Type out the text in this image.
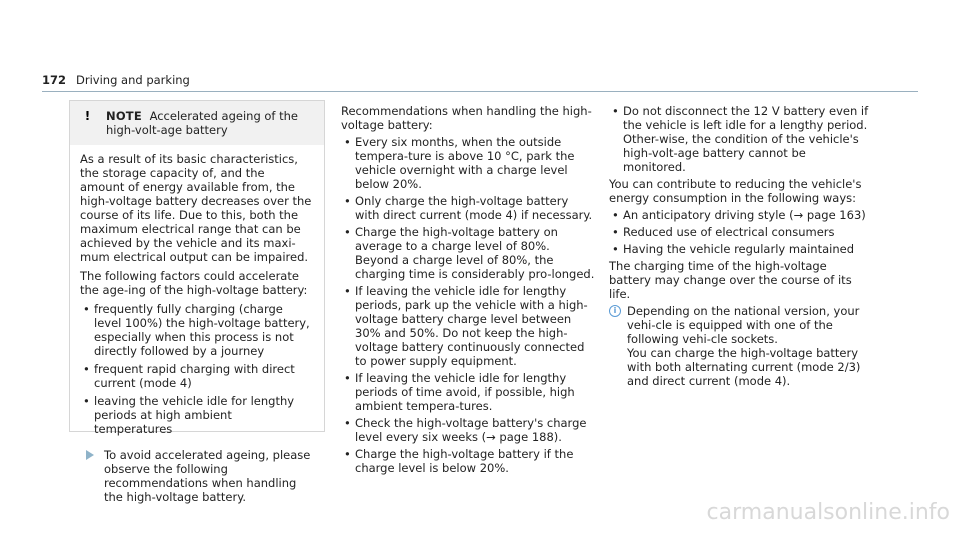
172 Driving and parking
! NOTE Accelerated ageing of the high-volt-age battery

As a result of its basic characteristics, the storage capacity of, and the amount of energy available from, the high-voltage battery decreases over the course of its life. Due to this, both the maximum electrical range that can be achieved by the vehicle and its maxi-mum electrical output can be impaired.

The following factors could accelerate the age-ing of the high-voltage battery:

• frequently fully charging (charge level 100%) the high-voltage battery, especially when this process is not directly followed by a journey
• frequent rapid charging with direct current (mode 4)
• leaving the vehicle idle for lengthy periods at high ambient temperatures
To avoid accelerated ageing, please observe the following recommendations when handling the high-voltage battery.

Recommendations when handling the high-voltage battery:

• Every six months, when the outside tempera-ture is above 10 °C, park the vehicle overnight with a charge level below 20%.
• Only charge the high-voltage battery with direct current (mode 4) if necessary.
• Charge the high-voltage battery on average to a charge level of 80%. Beyond a charge level of 80%, the charging time is considerably pro-longed.
• If leaving the vehicle idle for lengthy periods, park up the vehicle with a high-voltage battery charge level between 30% and 50%. Do not keep the high-voltage battery continuously connected to power supply equipment.
• If leaving the vehicle idle for lengthy periods of time avoid, if possible, high ambient tempera-tures.
• Check the high-voltage battery's charge level every six weeks (→ page 188).
• Charge the high-voltage battery if the charge level is below 20%.
• Do not disconnect the 12 V battery even if the vehicle is left idle for a lengthy period. Other-wise, the condition of the vehicle's high-volt-age battery cannot be monitored.

You can contribute to reducing the vehicle's energy consumption in the following ways:

• An anticipatory driving style (→ page 163)
• Reduced use of electrical consumers
• Having the vehicle regularly maintained

The charging time of the high-voltage battery may change over the course of its life.

i Depending on the national version, your vehi-cle is equipped with one of the following vehi-cle sockets.
You can charge the high-voltage battery with both alternating current (mode 2/3) and direct current (mode 4).
carmanualsonline.info
